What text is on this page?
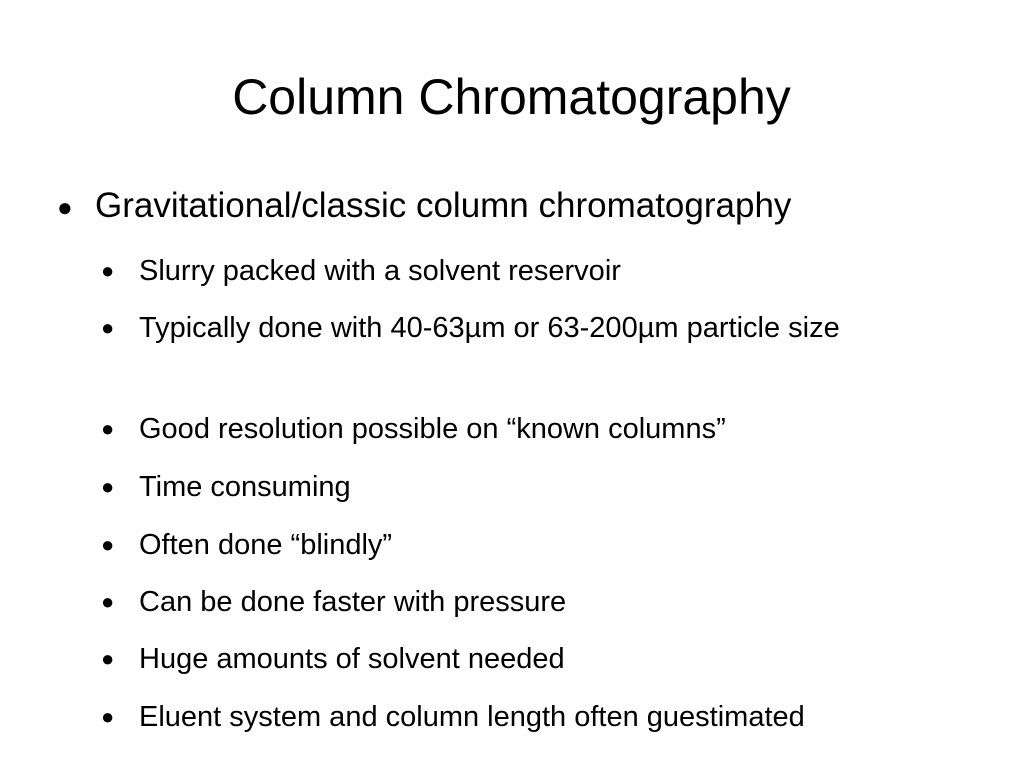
Column Chromatography
● Gravitational/classic column chromatography
● Slurry packed with a solvent reservoir
● Typically done with 40-63µm or 63-200µm particle size
● Good resolution possible on “known columns”
● Time consuming
● Often done “blindly”
● Can be done faster with pressure
● Huge amounts of solvent needed
● Eluent system and column length often guestimated
